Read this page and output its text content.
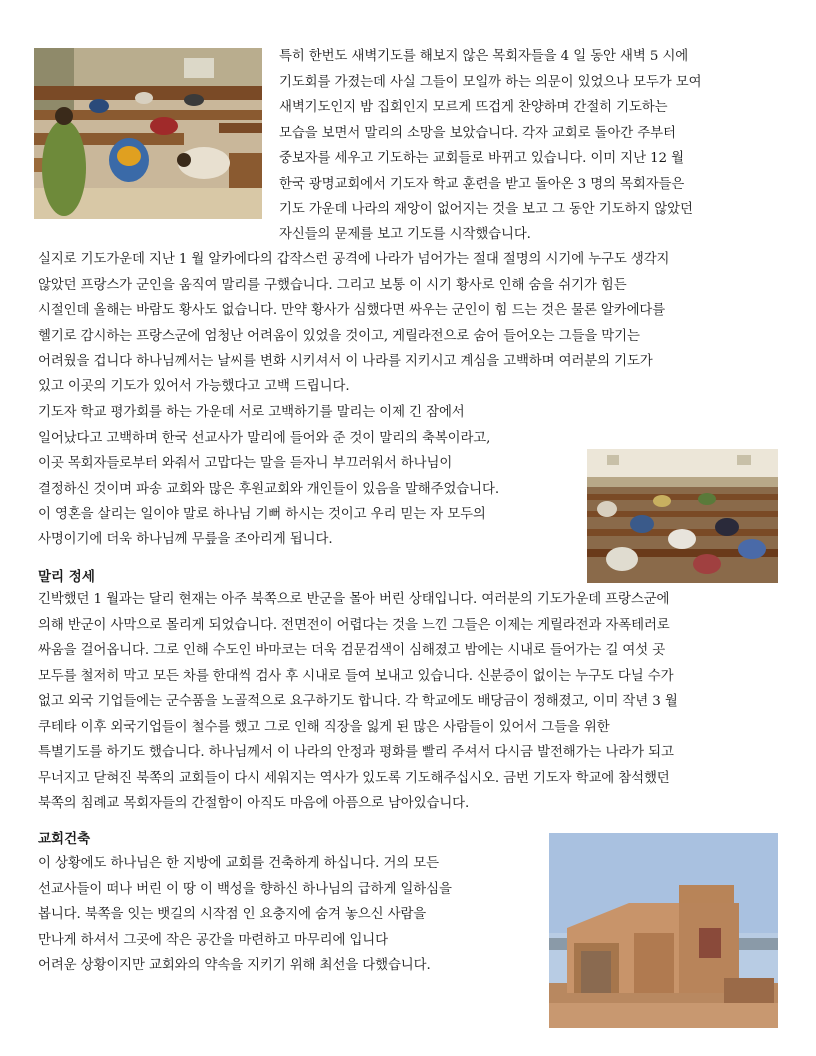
특히 한번도 새벽기도를 해보지 않은 목회자들을 4 일 동안 새벽 5 시에
기도회를 가졌는데 사실 그들이 모일까 하는 의문이 있었으나 모두가 모여
새벽기도인지 밤 집회인지 모르게 뜨겁게 찬양하며 간절히 기도하는
모습을 보면서 말리의 소망을 보았습니다. 각자 교회로 돌아간 주부터
중보자를 세우고 기도하는 교회들로 바뀌고 있습니다. 이미 지난 12 월
한국 광명교회에서 기도자 학교 훈련을 받고 돌아온 3 명의 목회자들은
기도 가운데 나라의 재앙이 없어지는 것을 보고 그 동안 기도하지 않았던
자신들의 문제를 보고 기도를 시작했습니다.
실지로 기도가운데 지난 1 월 알카에다의 갑작스런 공격에 나라가 넘어가는 절대 절명의 시기에 누구도 생각지
않았던 프랑스가 군인을 움직여 말리를 구했습니다. 그리고 보통 이 시기 황사로 인해 숨을 쉬기가 힘든
시절인데 올해는 바람도 황사도 없습니다. 만약 황사가 심했다면 싸우는 군인이 힘 드는 것은 물론 알카에다를
헬기로 감시하는 프랑스군에 엄청난 어려움이 있었을 것이고, 게릴라전으로 숨어 들어오는 그들을 막기는
어려웠을 겁니다 하나님께서는 날씨를 변화 시키셔서 이 나라를 지키시고 계심을 고백하며 여러분의 기도가
있고 이곳의 기도가 있어서 가능했다고 고백 드립니다.
기도자 학교 평가회를 하는 가운데 서로 고백하기를 말리는 이제 긴 잠에서
일어났다고 고백하며 한국 선교사가 말리에 들어와 준 것이 말리의 축복이라고,
이곳 목회자들로부터 와줘서 고맙다는 말을 듣자니 부끄러워서 하나님이
결정하신 것이며 파송 교회와 많은 후원교회와 개인들이 있음을 말해주었습니다.
이 영혼을 살리는 일이야 말로 하나님 기뻐 하시는 것이고 우리 믿는 자 모두의
사명이기에 더욱 하나님께 무릎을 조아리게 됩니다.
말리 정세
긴박했던 1 월과는 달리 현재는 아주 북쪽으로 반군을 몰아 버린 상태입니다. 여러분의 기도가운데 프랑스군에
의해 반군이 사막으로 몰리게 되었습니다. 전면전이 어렵다는 것을 느낀 그들은 이제는 게릴라전과 자폭테러로
싸움을 걸어옵니다. 그로 인해 수도인 바마코는 더욱 검문검색이 심해졌고 밤에는 시내로 들어가는 길 여섯 곳
모두를 철저히 막고 모든 차를 한대씩 검사 후 시내로 들여 보내고 있습니다. 신분증이 없이는 누구도 다닐 수가
없고 외국 기업들에는 군수품을 노골적으로 요구하기도 합니다. 각 학교에도 배당금이 정해졌고, 이미 작년 3 월
쿠테타 이후 외국기업들이 철수를 했고 그로 인해 직장을 잃게 된 많은 사람들이 있어서 그들을 위한
특별기도를 하기도 했습니다. 하나님께서 이 나라의 안정과 평화를 빨리 주셔서 다시금 발전해가는 나라가 되고
무너지고 닫혀진 북쪽의 교회들이 다시 세워지는 역사가 있도록 기도해주십시오. 금번 기도자 학교에 참석했던
북쪽의 침례교 목회자들의 간절함이 아직도 마음에 아픔으로 남아있습니다.
교회건축
이 상황에도 하나님은 한 지방에 교회를 건축하게 하십니다. 거의 모든
선교사들이 떠나 버린 이 땅 이 백성을 향하신 하나님의 급하게 일하심을
봅니다. 북쪽을 잇는 뱃길의 시작점 인 요충지에 숨겨 놓으신 사람을
만나게 하셔서 그곳에 작은 공간을 마련하고 마무리에 입니다
어려운 상황이지만 교회와의 약속을 지키기 위해 최선을 다했습니다.
